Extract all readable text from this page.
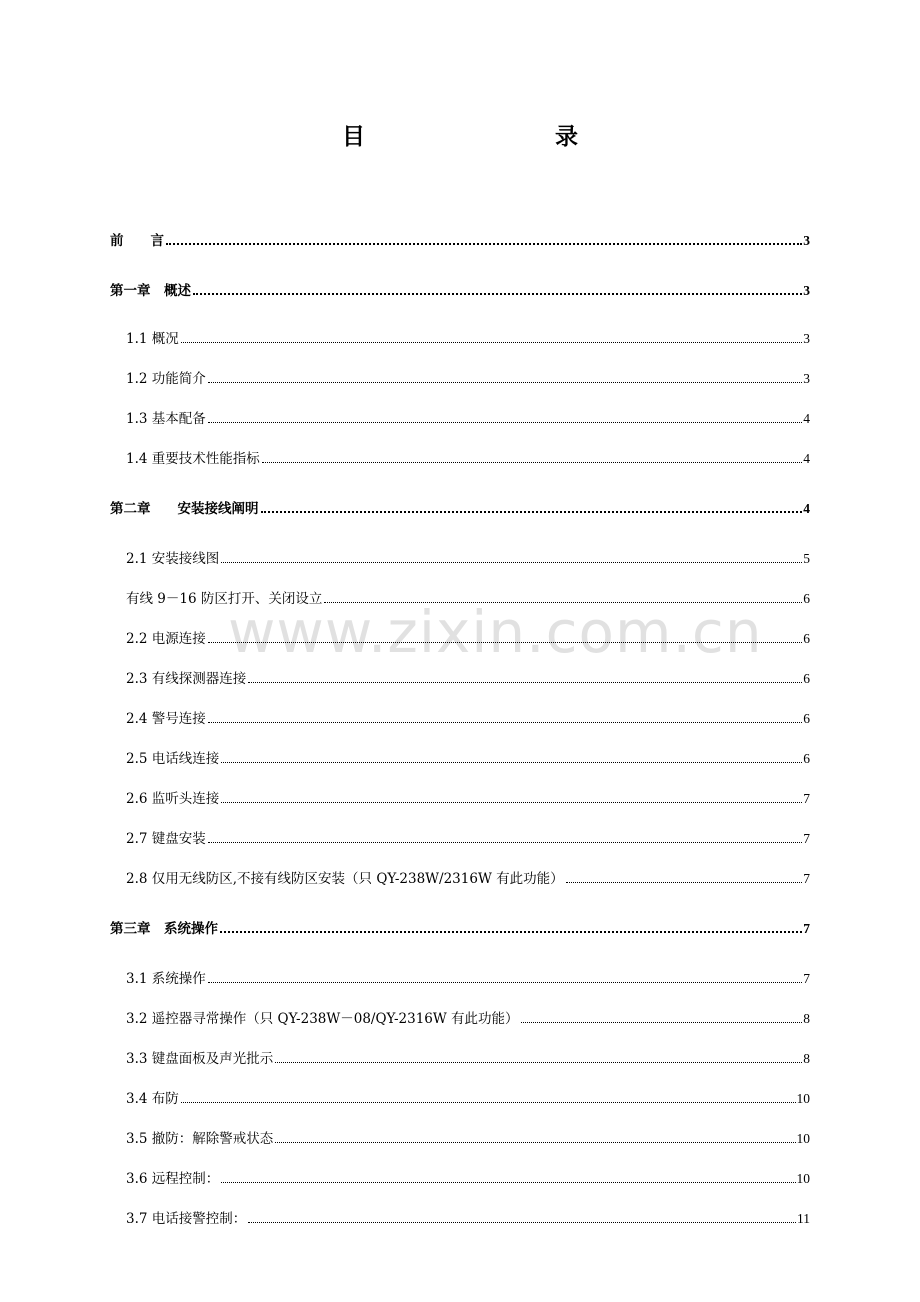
目　　录
www.zixin.com.cn
前　　言	3
第一章　概述	3
1.1 概况	3
1.2 功能简介	3
1.3 基本配备	4
1.4 重要技术性能指标	4
第二章　　安装接线阐明	4
2.1 安装接线图	5
有线 9－16 防区打开、关闭设立	6
2.2 电源连接	6
2.3 有线探测器连接	6
2.4 警号连接	6
2.5 电话线连接	6
2.6 监听头连接	7
2.7 键盘安装	7
2.8 仅用无线防区,不接有线防区安装（只 QY-238W/2316W 有此功能）	7
第三章　系统操作	7
3.1 系统操作	7
3.2 遥控器寻常操作（只 QY-238W－08/QY-2316W 有此功能）	8
3.3 键盘面板及声光批示	8
3.4 布防	10
3.5 撤防：解除警戒状态	10
3.6 远程控制：	10
3.7 电话接警控制：	11
